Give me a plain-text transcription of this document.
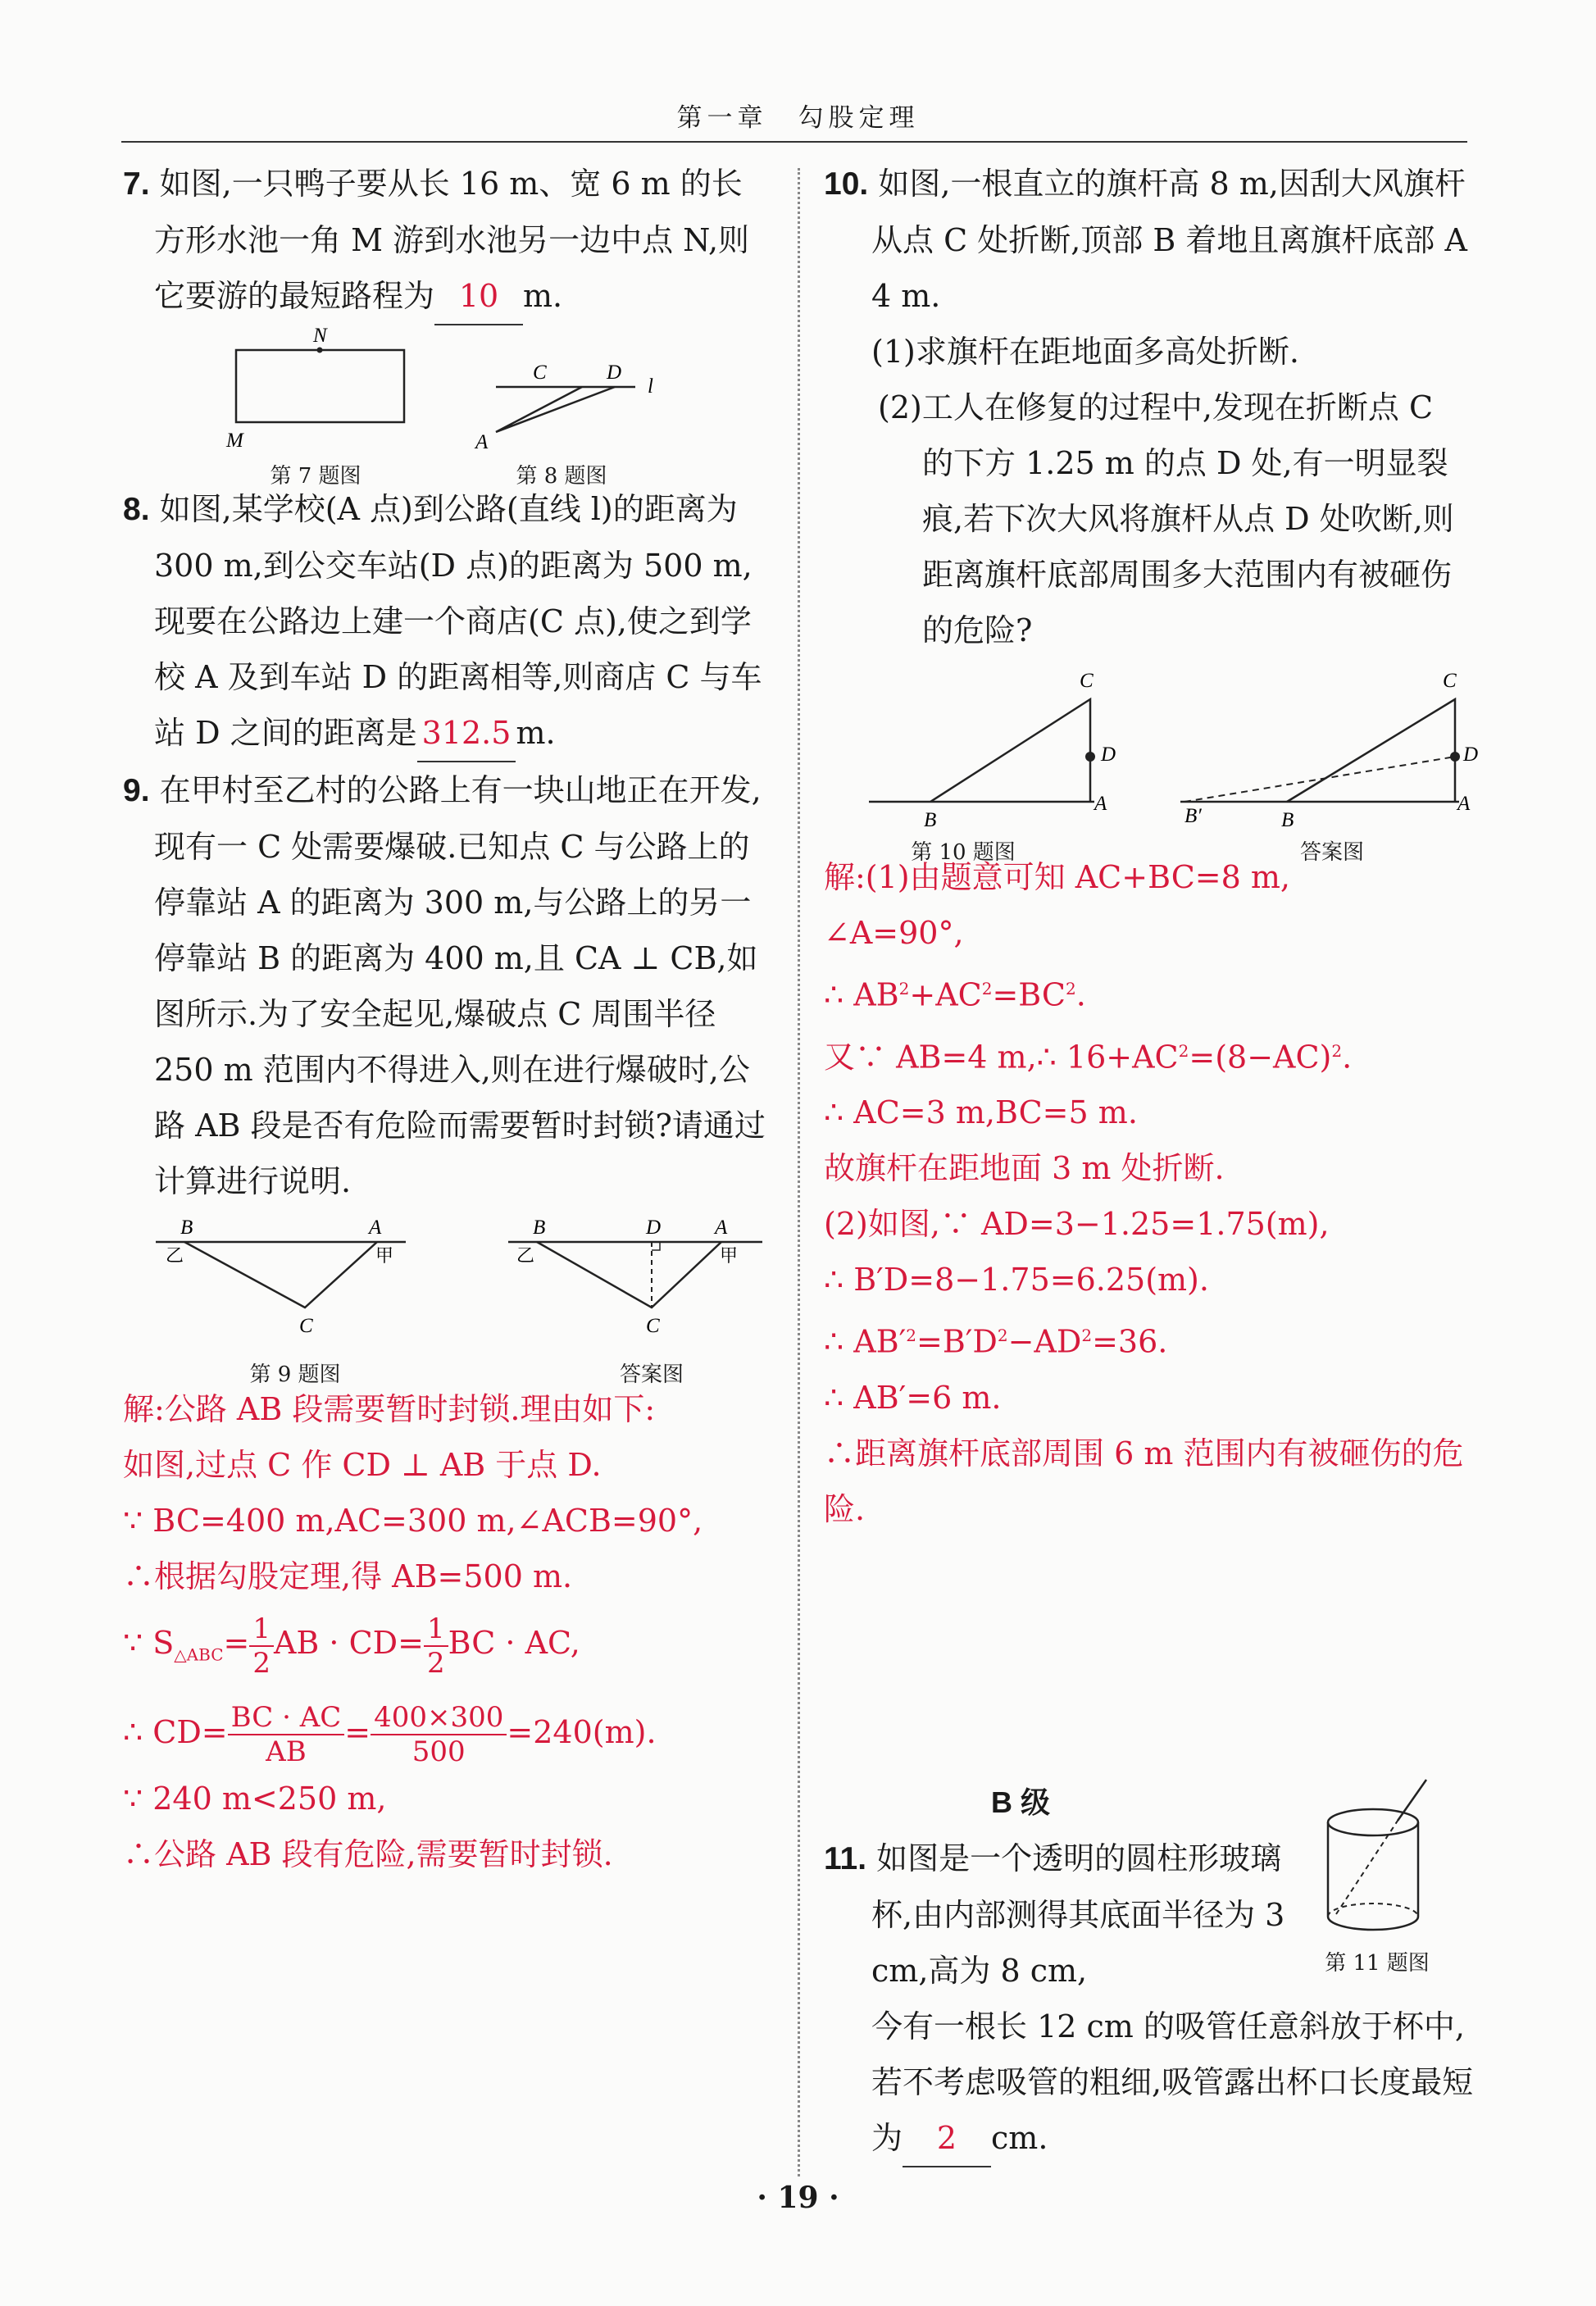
第一章　勾股定理

7. 如图,一只鸭子要从长 16 m、宽 6 m 的长方形水池一角 M 游到水池另一边中点 N,则它要游的最短路程为 10 m.

N
M
C	D
l
A
第 7 题图	第 8 题图

8. 如图,某学校(A 点)到公路(直线 l)的距离为 300 m,到公交车站(D 点)的距离为 500 m,现要在公路边上建一个商店(C 点),使之到学校 A 及到车站 D 的距离相等,则商店 C 与车站 D 之间的距离是 312.5 m.

9. 在甲村至乙村的公路上有一块山地正在开发,现有一 C 处需要爆破.已知点 C 与公路上的停靠站 A 的距离为 300 m,与公路上的另一停靠站 B 的距离为 400 m,且 CA ⊥ CB,如图所示.为了安全起见,爆破点 C 周围半径 250 m 范围内不得进入,则在进行爆破时,公路 AB 段是否有危险而需要暂时封锁?请通过计算进行说明.

B	A
C
乙	甲
B	D	A
C
乙	甲
第 9 题图	答案图

解:公路 AB 段需要暂时封锁.理由如下:

如图,过点 C 作 CD ⊥ AB 于点 D.

∵ BC=400 m,AC=300 m,∠ACB=90°,

∴根据勾股定理,得 AB=500 m.

∵ $S_{\triangle ABC}= \frac{1}{2}$ AB · $CD= \frac{1}{2}$ BC · AC,

∴ $CD= \frac{BC \cdot AC}{AB} = \frac{400\times 300}{500} =240(m)$.

∵ 240 m<250 m,

∴公路 AB 段有危险,需要暂时封锁.

10. 如图,一根直立的旗杆高 8 m,因刮大风旗杆从点 C 处折断,顶部 B 着地且离旗杆底部 A 4 m.

(1)求旗杆在距地面多高处折断.

(2)工人在修复的过程中,发现在折断点 C 的下方 1.25 m 的点 D 处,有一明显裂痕,若下次大风将旗杆从点 D 处吹断,则距离旗杆底部周围多大范围内有被砸伤的危险?

C
D
B
A
C
D
B′	B
A
第 10 题图	答案图

解:(1)由题意可知 AC+BC=8 m,

∠A=90°,

∴ $AB^2+AC^2=BC^2$.

又∵ AB=4 m,∴ $16+AC^2=(8-AC)^2$.

∴ AC=3 m,BC=5 m.

故旗杆在距地面 3 m 处折断.

(2)如图,∵ AD=3−1.25=1.75(m),

∴ B′D=8−1.75=6.25(m).

∴ $AB'^2=B'D^2-AD^2=36$.

∴ AB′=6 m.

∴距离旗杆底部周围 6 m 范围内有被砸伤的危险.

B 级
11. 如图是一个透明的圆柱形玻璃杯,由内部测得其底面半径为 3 cm,高为 8 cm,	第 11 题图
今有一根长 12 cm 的吸管任意斜放于杯中,若不考虑吸管的粗细,吸管露出杯口长度最短为 2 cm.
· 19 ·
